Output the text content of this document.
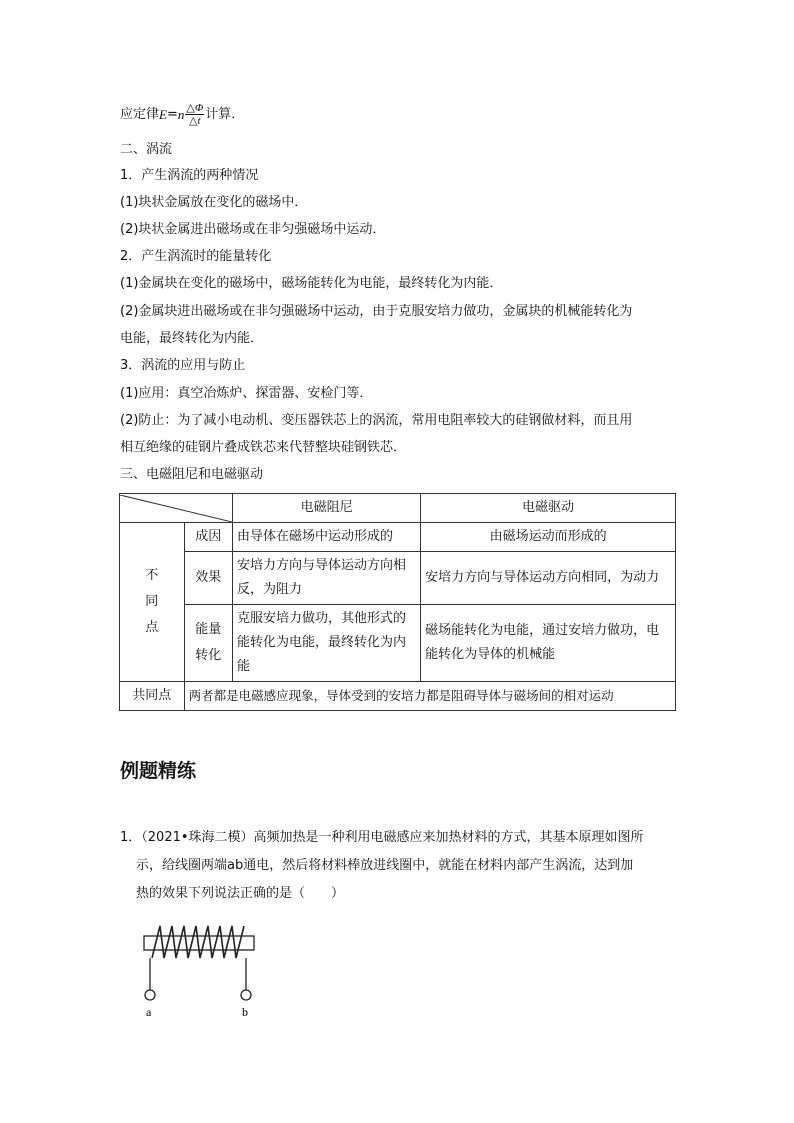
应定律 E = n $\frac{\triangle\Phi}{\triangle t}$ 计算．
二、涡流
1．产生涡流的两种情况
(1)块状金属放在变化的磁场中．
(2)块状金属进出磁场或在非匀强磁场中运动．
2．产生涡流时的能量转化
(1)金属块在变化的磁场中，磁场能转化为电能，最终转化为内能．
(2)金属块进出磁场或在非匀强磁场中运动，由于克服安培力做功，金属块的机械能转化为
电能，最终转化为内能．
3．涡流的应用与防止
(1)应用：真空冶炼炉、探雷器、安检门等．
(2)防止：为了减小电动机、变压器铁芯上的涡流，常用电阻率较大的硅钢做材料，而且用
相互绝缘的硅钢片叠成铁芯来代替整块硅钢铁芯．
三、电磁阻尼和电磁驱动
	电磁阻尼	电磁驱动

不
同
点	成因	由导体在磁场中运动形成的	由磁场运动而形成的
	效果	安培力方向与导体运动方向相反，为阻力	安培力方向与导体运动方向相同，为动力
	能量转化	克服安培力做功，其他形式的能转化为电能，最终转化为内能	磁场能转化为电能，通过安培力做功，电能转化为导体的机械能
共同点	两者都是电磁感应现象，导体受到的安培力都是阻碍导体与磁场间的相对运动		
例题精练

1．（2021•珠海二模）高频加热是一种利用电磁感应来加热材料的方式，其基本原理如图所

示，给线圈两端ab通电，然后将材料棒放进线圈中，就能在材料内部产生涡流，达到加

热的效果下列说法正确的是（　　）

a	b
